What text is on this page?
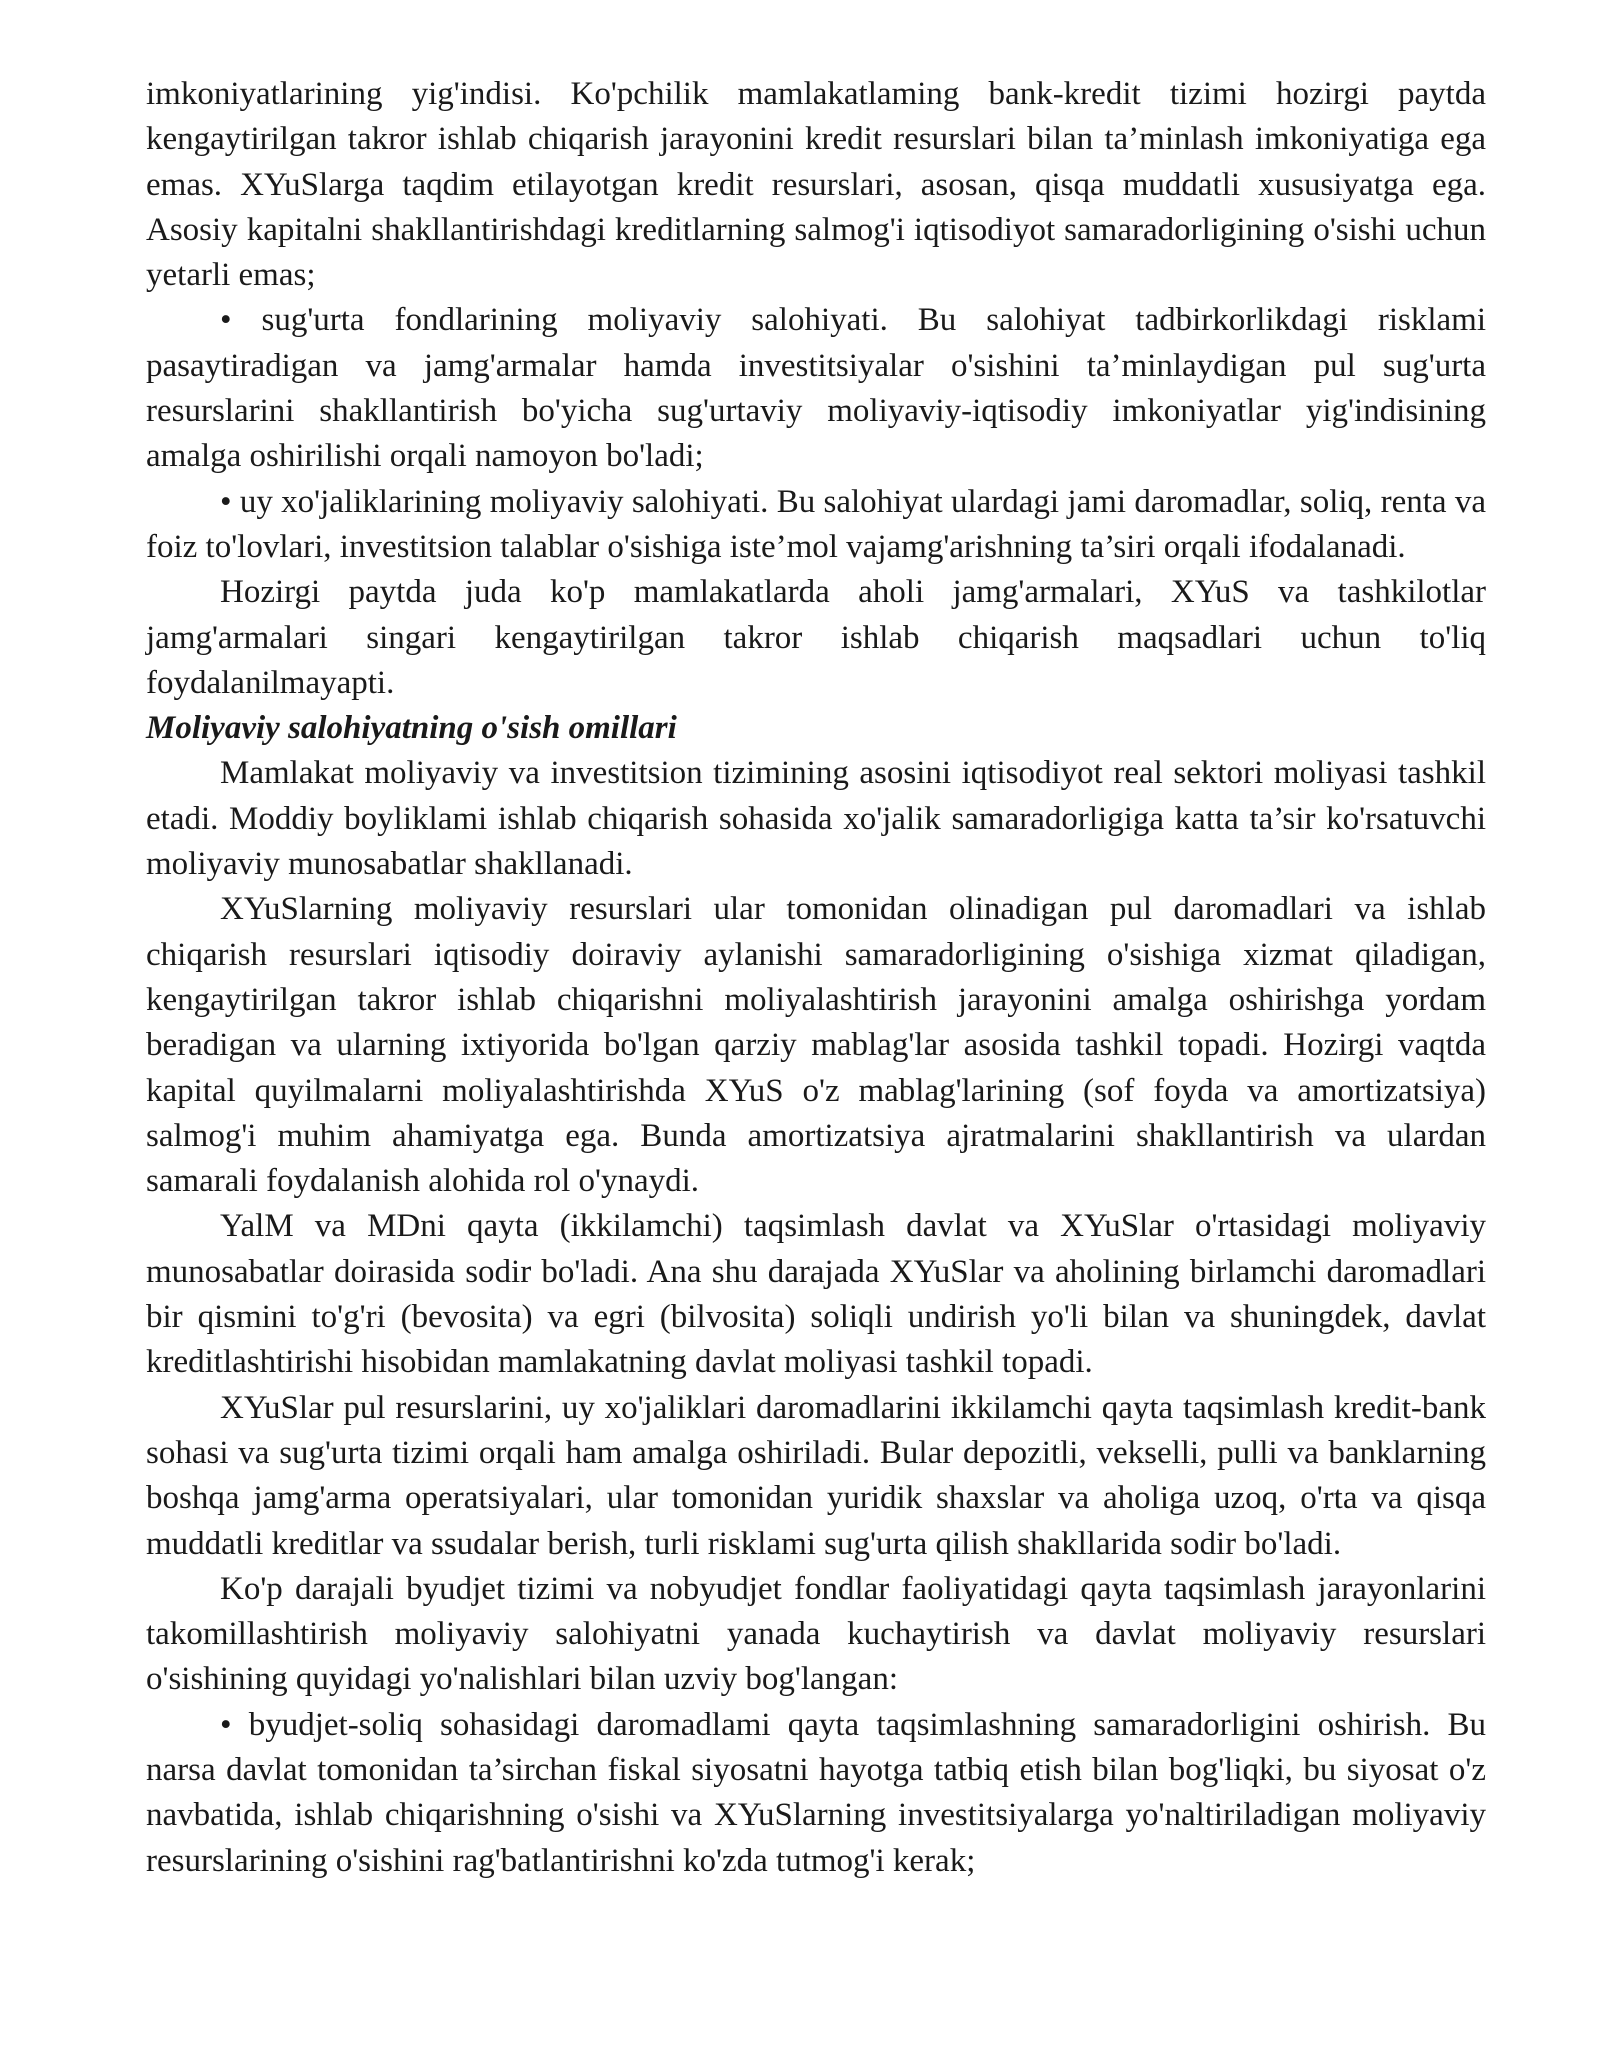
imkoniyatlarining yig'indisi. Ko'pchilik mamlakatlaming bank-kredit tizimi hozirgi paytda kengaytirilgan takror ishlab chiqarish jarayonini kredit resurslari bilan ta’minlash imkoniyatiga ega emas. XYuSlarga taqdim etilayotgan kredit resurslari, asosan, qisqa muddatli xususiyatga ega. Asosiy kapitalni shakllantirishdagi kreditlarning salmog'i iqtisodiyot samaradorligining o'sishi uchun yetarli emas;

• sug'urta fondlarining moliyaviy salohiyati. Bu salohiyat tadbirkorlikdagi risklami pasaytiradigan va jamg'armalar hamda investitsiyalar o'sishini ta’minlaydigan pul sug'urta resurslarini shakllantirish bo'yicha sug'urtaviy moliyaviy-iqtisodiy imkoniyatlar yig'indisining amalga oshirilishi orqali namoyon bo'ladi;

• uy xo'jaliklarining moliyaviy salohiyati. Bu salohiyat ulardagi jami daromadlar, soliq, renta va foiz to'lovlari, investitsion talablar o'sishiga iste’mol vajamg'arishning ta’siri orqali ifodalanadi.

Hozirgi paytda juda ko'p mamlakatlarda aholi jamg'armalari, XYuS va tashkilotlar jamg'armalari singari kengaytirilgan takror ishlab chiqarish maqsadlari uchun to'liq foydalanilmayapti.

Moliyaviy salohiyatning o'sish omillari

Mamlakat moliyaviy va investitsion tizimining asosini iqtisodiyot real sektori moliyasi tashkil etadi. Moddiy boyliklami ishlab chiqarish sohasida xo'jalik samaradorligiga katta ta’sir ko'rsatuvchi moliyaviy munosabatlar shakllanadi.

XYuSlarning moliyaviy resurslari ular tomonidan olinadigan pul daromadlari va ishlab chiqarish resurslari iqtisodiy doiraviy aylanishi samaradorligining o'sishiga xizmat qiladigan, kengaytirilgan takror ishlab chiqarishni moliyalashtirish jarayonini amalga oshirishga yordam beradigan va ularning ixtiyorida bo'lgan qarziy mablag'lar asosida tashkil topadi. Hozirgi vaqtda kapital quyilmalarni moliyalashtirishda XYuS o'z mablag'larining (sof foyda va amortizatsiya) salmog'i muhim ahamiyatga ega. Bunda amortizatsiya ajratmalarini shakllantirish va ulardan samarali foydalanish alohida rol o'ynaydi.

YalM va MDni qayta (ikkilamchi) taqsimlash davlat va XYuSlar o'rtasidagi moliyaviy munosabatlar doirasida sodir bo'ladi. Ana shu darajada XYuSlar va aholining birlamchi daromadlari bir qismini to'g'ri (bevosita) va egri (bilvosita) soliqli undirish yo'li bilan va shuningdek, davlat kreditlashtirishi hisobidan mamlakatning davlat moliyasi tashkil topadi.

XYuSlar pul resurslarini, uy xo'jaliklari daromadlarini ikkilamchi qayta taqsimlash kredit-bank sohasi va sug'urta tizimi orqali ham amalga oshiriladi. Bular depozitli, vekselli, pulli va banklarning boshqa jamg'arma operatsiyalari, ular tomonidan yuridik shaxslar va aholiga uzoq, o'rta va qisqa muddatli kreditlar va ssudalar berish, turli risklami sug'urta qilish shakllarida sodir bo'ladi.

Ko'p darajali byudjet tizimi va nobyudjet fondlar faoliyatidagi qayta taqsimlash jarayonlarini takomillashtirish moliyaviy salohiyatni yanada kuchaytirish va davlat moliyaviy resurslari o'sishining quyidagi yo'nalishlari bilan uzviy bog'langan:

• byudjet-soliq sohasidagi daromadlami qayta taqsimlashning samaradorligini oshirish. Bu narsa davlat tomonidan ta’sirchan fiskal siyosatni hayotga tatbiq etish bilan bog'liqki, bu siyosat o'z navbatida, ishlab chiqarishning o'sishi va XYuSlarning investitsiyalarga yo'naltiriladigan moliyaviy resurslarining o'sishini rag'batlantirishni ko'zda tutmog'i kerak;
